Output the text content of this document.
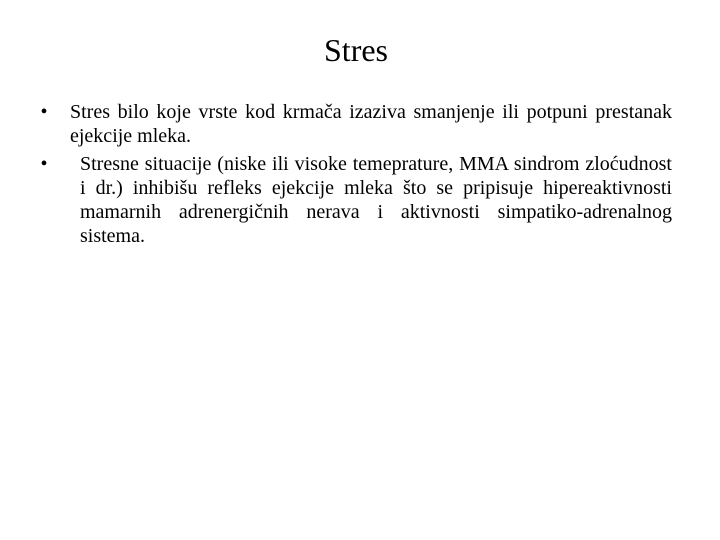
Stres
•	Stres bilo koje vrste kod krmača izaziva smanjenje ili potpuni prestanak ejekcije mleka.
•	Stresne situacije (niske ili visoke temeprature, MMA sindrom zloćudnost i dr.) inhibišu refleks ejekcije mleka što se pripisuje hipereaktivnosti mamarnih adrenergičnih nerava i aktivnosti simpatiko-adrenalnog sistema.
